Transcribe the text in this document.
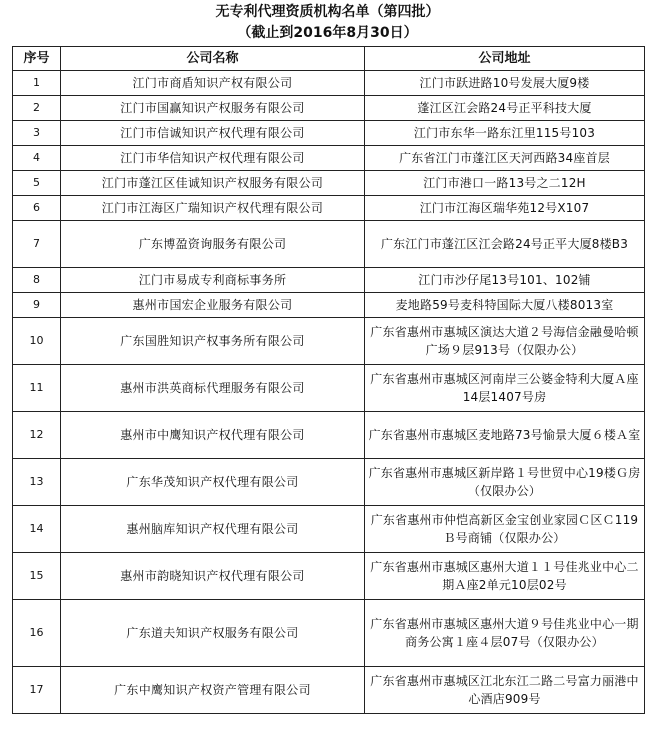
无专利代理资质机构名单（第四批）
（截止到2016年8月30日）
序号	公司名称	公司地址
1	江门市商盾知识产权有限公司	江门市跃进路10号发展大厦9楼
2	江门市国赢知识产权服务有限公司	蓬江区江会路24号正平科技大厦
3	江门市信诚知识产权代理有限公司	江门市东华一路东江里115号103
4	江门市华信知识产权代理有限公司	广东省江门市蓬江区天河西路34座首层
5	江门市蓬江区佳诚知识产权服务有限公司	江门市港口一路13号之二12H
6	江门市江海区广瑞知识产权代理有限公司	江门市江海区瑞华苑12号X107
7	广东博盈资询服务有限公司	广东江门市蓬江区江会路24号正平大厦8楼B3
8	江门市易成专利商标事务所	江门市沙仔尾13号101、102铺
9	惠州市国宏企业服务有限公司	麦地路59号麦科特国际大厦八楼8013室
10	广东国胜知识产权事务所有限公司	广东省惠州市惠城区演达大道２号海信金融曼哈顿广场９层913号（仅限办公）
11	惠州市洪英商标代理服务有限公司	广东省惠州市惠城区河南岸三公婆金特利大厦Ａ座14层1407号房
12	惠州市中鹰知识产权代理有限公司	广东省惠州市惠城区麦地路73号愉景大厦６楼Ａ室
13	广东华茂知识产权代理有限公司	广东省惠州市惠城区新岸路１号世贸中心19楼Ｇ房（仅限办公）
14	惠州脑库知识产权代理有限公司	广东省惠州市仲恺高新区金宝创业家园Ｃ区Ｃ119Ｂ号商铺（仅限办公）
15	惠州市韵晓知识产权代理有限公司	广东省惠州市惠城区惠州大道１１号佳兆业中心二期Ａ座2单元10层02号
16	广东道夫知识产权服务有限公司	广东省惠州市惠城区惠州大道９号佳兆业中心一期商务公寓１座４层07号（仅限办公）
17	广东中鹰知识产权资产管理有限公司	广东省惠州市惠城区江北东江二路二号富力丽港中心酒店909号
